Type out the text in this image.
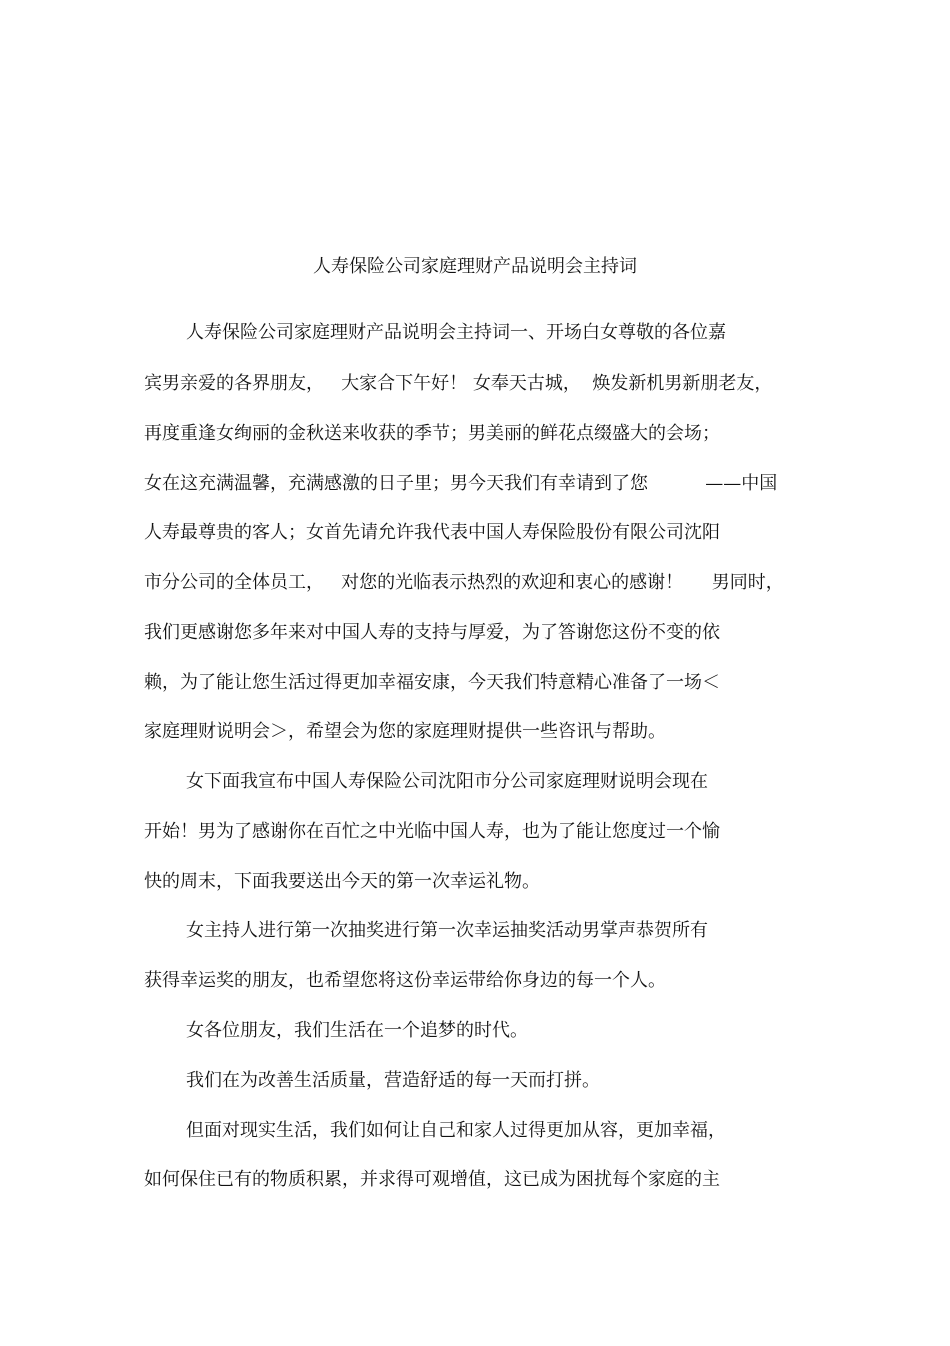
人寿保险公司家庭理财产品说明会主持词
人寿保险公司家庭理财产品说明会主持词一、开场白女尊敬的各位嘉
宾男亲爱的各界朋友，   大家合下午好！ 女奉天古城，  焕发新机男新朋老友，
再度重逢女绚丽的金秋送来收获的季节；男美丽的鲜花点缀盛大的会场；
女在这充满温馨，充满感激的日子里；男今天我们有幸请到了您          ——中国
人寿最尊贵的客人；女首先请允许我代表中国人寿保险股份有限公司沈阳
市分公司的全体员工，   对您的光临表示热烈的欢迎和衷心的感谢！     男同时，
我们更感谢您多年来对中国人寿的支持与厚爱，为了答谢您这份不变的依
赖，为了能让您生活过得更加幸福安康，今天我们特意精心准备了一场＜
家庭理财说明会＞，希望会为您的家庭理财提供一些咨讯与帮助。
女下面我宣布中国人寿保险公司沈阳市分公司家庭理财说明会现在
开始！男为了感谢你在百忙之中光临中国人寿，也为了能让您度过一个愉
快的周末，下面我要送出今天的第一次幸运礼物。
女主持人进行第一次抽奖进行第一次幸运抽奖活动男掌声恭贺所有
获得幸运奖的朋友，也希望您将这份幸运带给你身边的每一个人。
女各位朋友，我们生活在一个追梦的时代。
我们在为改善生活质量，营造舒适的每一天而打拼。
但面对现实生活，我们如何让自己和家人过得更加从容，更加幸福，
如何保住已有的物质积累，并求得可观增值，这已成为困扰每个家庭的主
